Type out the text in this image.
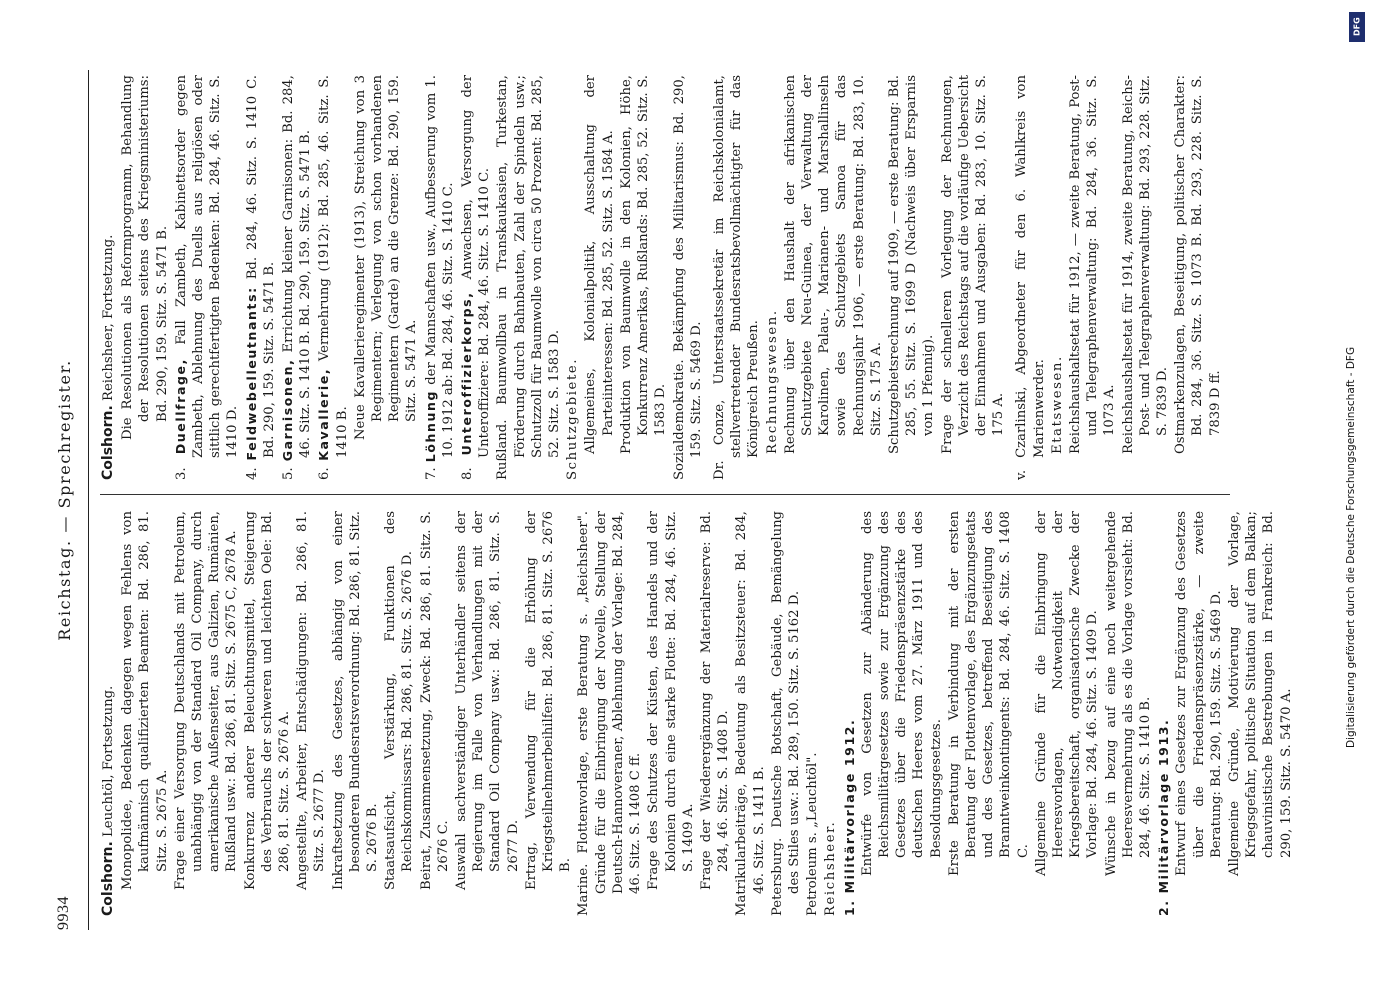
9934
Reichstag. — Sprechregister.

Colshorn. Leuchtöl, Fortsetzung. Monopolidee, Bedenken dagegen wegen Fehlens von kaufmännisch qualifizierten Beamten: Bd. 286, 81. Sitz. S. 2675 A. Frage einer Versorgung Deutschlands mit Petroleum, unabhängig von der Standard Oil Company, durch amerikanische Außenseiter, aus Galizien, Rumänien, Rußland usw.: Bd. 286, 81. Sitz. S. 2675 C, 2678 A. Konkurrenz anderer Beleuchtungsmittel, Steigerung des Verbrauchs der schweren und leichten Oele: Bd. 286, 81. Sitz. S. 2676 A. Angestellte, Arbeiter, Entschädigungen: Bd. 286, 81. Sitz. S. 2677 D. Inkraftsetzung des Gesetzes, abhängig von einer besonderen Bundesratsverordnung: Bd. 286, 81. Sitz. S. 2676 B. Staatsaufsicht, Verstärkung, Funktionen des Reichskommissars: Bd. 286, 81. Sitz. S. 2676 D. Beirat, Zusammensetzung, Zweck: Bd. 286, 81. Sitz. S. 2676 C. Auswahl sachverständiger Unterhändler seitens der Regierung im Falle von Verhandlungen mit der Standard Oil Company usw.: Bd. 286, 81. Sitz. S. 2677 D. Ertrag, Verwendung für die Erhöhung der Kriegsteilnehmerbeihilfen: Bd. 286, 81. Sitz. S. 2676 B. Marine. Flottenvorlage, erste Beratung s. „Reichsheer". Gründe für die Einbringung der Novelle, Stellung der Deutsch-Hannoveraner, Ablehnung der Vorlage: Bd. 284, 46. Sitz. S. 1408 C ff. Frage des Schutzes der Küsten, des Handels und der Kolonien durch eine starke Flotte: Bd. 284, 46. Sitz. S. 1409 A. Frage der Wiederergänzung der Materialreserve: Bd. 284, 46. Sitz. S. 1408 D. Matrikularbeiträge, Bedeutung als Besitzsteuer: Bd. 284, 46. Sitz. S. 1411 B. Petersburg. Deutsche Botschaft, Gebäude, Bemängelung des Stiles usw.: Bd. 289, 150. Sitz. S. 5162 D. Petroleum s. „Leuchtöl". Reichsheer. 1. Militärvorlage 1912. Entwürfe von Gesetzen zur Abänderung des Reichsmilitärgesetzes sowie zur Ergänzung des Gesetzes über die Friedenspräsenzstärke des deutschen Heeres vom 27. März 1911 und des Besoldungsgesetzes. Erste Beratung in Verbindung mit der ersten Beratung der Flottenvorlage, des Ergänzungsetats und des Gesetzes, betreffend Beseitigung des Branntweinkontingents: Bd. 284, 46. Sitz. S. 1408 C. Allgemeine Gründe für die Einbringung der Heeresvorlagen, Notwendigkeit der Kriegsbereitschaft, organisatorische Zwecke der Vorlage: Bd. 284, 46. Sitz. S. 1409 D. Wünsche in bezug auf eine noch weitergehende Heeresvermehrung als es die Vorlage vorsieht: Bd. 284, 46. Sitz. S. 1410 B. 2. Militärvorlage 1913. Entwurf eines Gesetzes zur Ergänzung des Gesetzes über die Friedenspräsenzstärke, — zweite Beratung: Bd. 290, 159. Sitz. S. 5469 D. Allgemeine Gründe, Motivierung der Vorlage, Kriegsgefahr, politische Situation auf dem Balkan; chauvinistische Bestrebungen in Frankreich: Bd. 290, 159. Sitz. S. 5470 A.

Colshorn. Reichsheer, Fortsetzung. Die Resolutionen als Reformprogramm, Behandlung der Resolutionen seitens des Kriegsministeriums: Bd. 290, 159. Sitz. S. 5471 B.

3. Duellfrage, Fall Zambeth, Kabinettsorder gegen Zambeth, Ablehnung des Duells aus religiösen oder sittlich gerechtfertigten Bedenken: Bd. 284, 46. Sitz. S. 1410 D.

4. Feldwebelleutnants: Bd. 284, 46. Sitz. S. 1410 C. Bd. 290, 159. Sitz. S. 5471 B.

5. Garnisonen, Errichtung kleiner Garnisonen: Bd. 284, 46. Sitz. S. 1410 B. Bd. 290, 159. Sitz. S. 5471 B.

6. Kavallerie, Vermehrung (1912): Bd. 285, 46. Sitz. S. 1410 B. Neue Kavallerieregimenter (1913), Streichung von 3 Regimentern; Verlegung von schon vorhandenen Regimentern (Garde) an die Grenze: Bd. 290, 159. Sitz. S. 5471 A.

7. Löhnung der Mannschaften usw., Aufbesserung vom 1. 10. 1912 ab: Bd. 284, 46. Sitz. S. 1410 C.

8. Unteroffizierkorps, Anwachsen, Versorgung der Unteroffiziere: Bd. 284, 46. Sitz. S. 1410 C. Rußland. Baumwollbau in Transkaukasien, Turkestan, Förderung durch Bahnbauten, Zahl der Spindeln usw.; Schutzzoll für Baumwolle von circa 50 Prozent: Bd. 285, 52. Sitz. S. 1583 D. Schutzgebiete. Allgemeines, Kolonialpolitik, Ausschaltung der Parteiinteressen: Bd. 285, 52. Sitz. S. 1584 A. Produktion von Baumwolle in den Kolonien, Höhe, Konkurrenz Amerikas, Rußlands: Bd. 285, 52. Sitz. S. 1583 D. Sozialdemokratie. Bekämpfung des Militarismus: Bd. 290, 159. Sitz. S. 5469 D. Dr. Conze, Unterstaatssekretär im Reichskolonialamt, stellvertretender Bundesratsbevollmächtigter für das Königreich Preußen. Rechnungswesen. Rechnung über den Haushalt der afrikanischen Schutzgebiete Neu-Guinea, der Verwaltung der Karolinen, Palau-, Marianen- und Marshallinseln sowie des Schutzgebiets Samoa für das Rechnungsjahr 1906, — erste Beratung: Bd. 283, 10. Sitz. S. 175 A. Schutzgebietsrechnung auf 1909, — erste Beratung: Bd. 285, 55. Sitz. S. 1699 D (Nachweis über Ersparnis von 1 Pfennig). Frage der schnelleren Vorlegung der Rechnungen, Verzicht des Reichstags auf die vorläufige Uebersicht der Einnahmen und Ausgaben: Bd. 283, 10. Sitz. S. 175 A. v. Czarlinski, Abgeordneter für den 6. Wahlkreis von Marienwerder. Etatswesen. Reichshaushaltsetat für 1912, — zweite Beratung, Post- und Telegraphenverwaltung: Bd. 284, 36. Sitz. S. 1073 A. Reichshaushaltsetat für 1914, zweite Beratung, Reichs-Post- und Telegraphenverwaltung: Bd. 293, 228. Sitz. S. 7839 D. Ostmarkenzulagen, Beseitigung, politischer Charakter: Bd. 284, 36. Sitz. S. 1073 B. Bd. 293, 228. Sitz. S. 7839 D ff.

DFG
Digitalisierung gefördert durch die Deutsche Forschungsgemeinschaft - DFG
